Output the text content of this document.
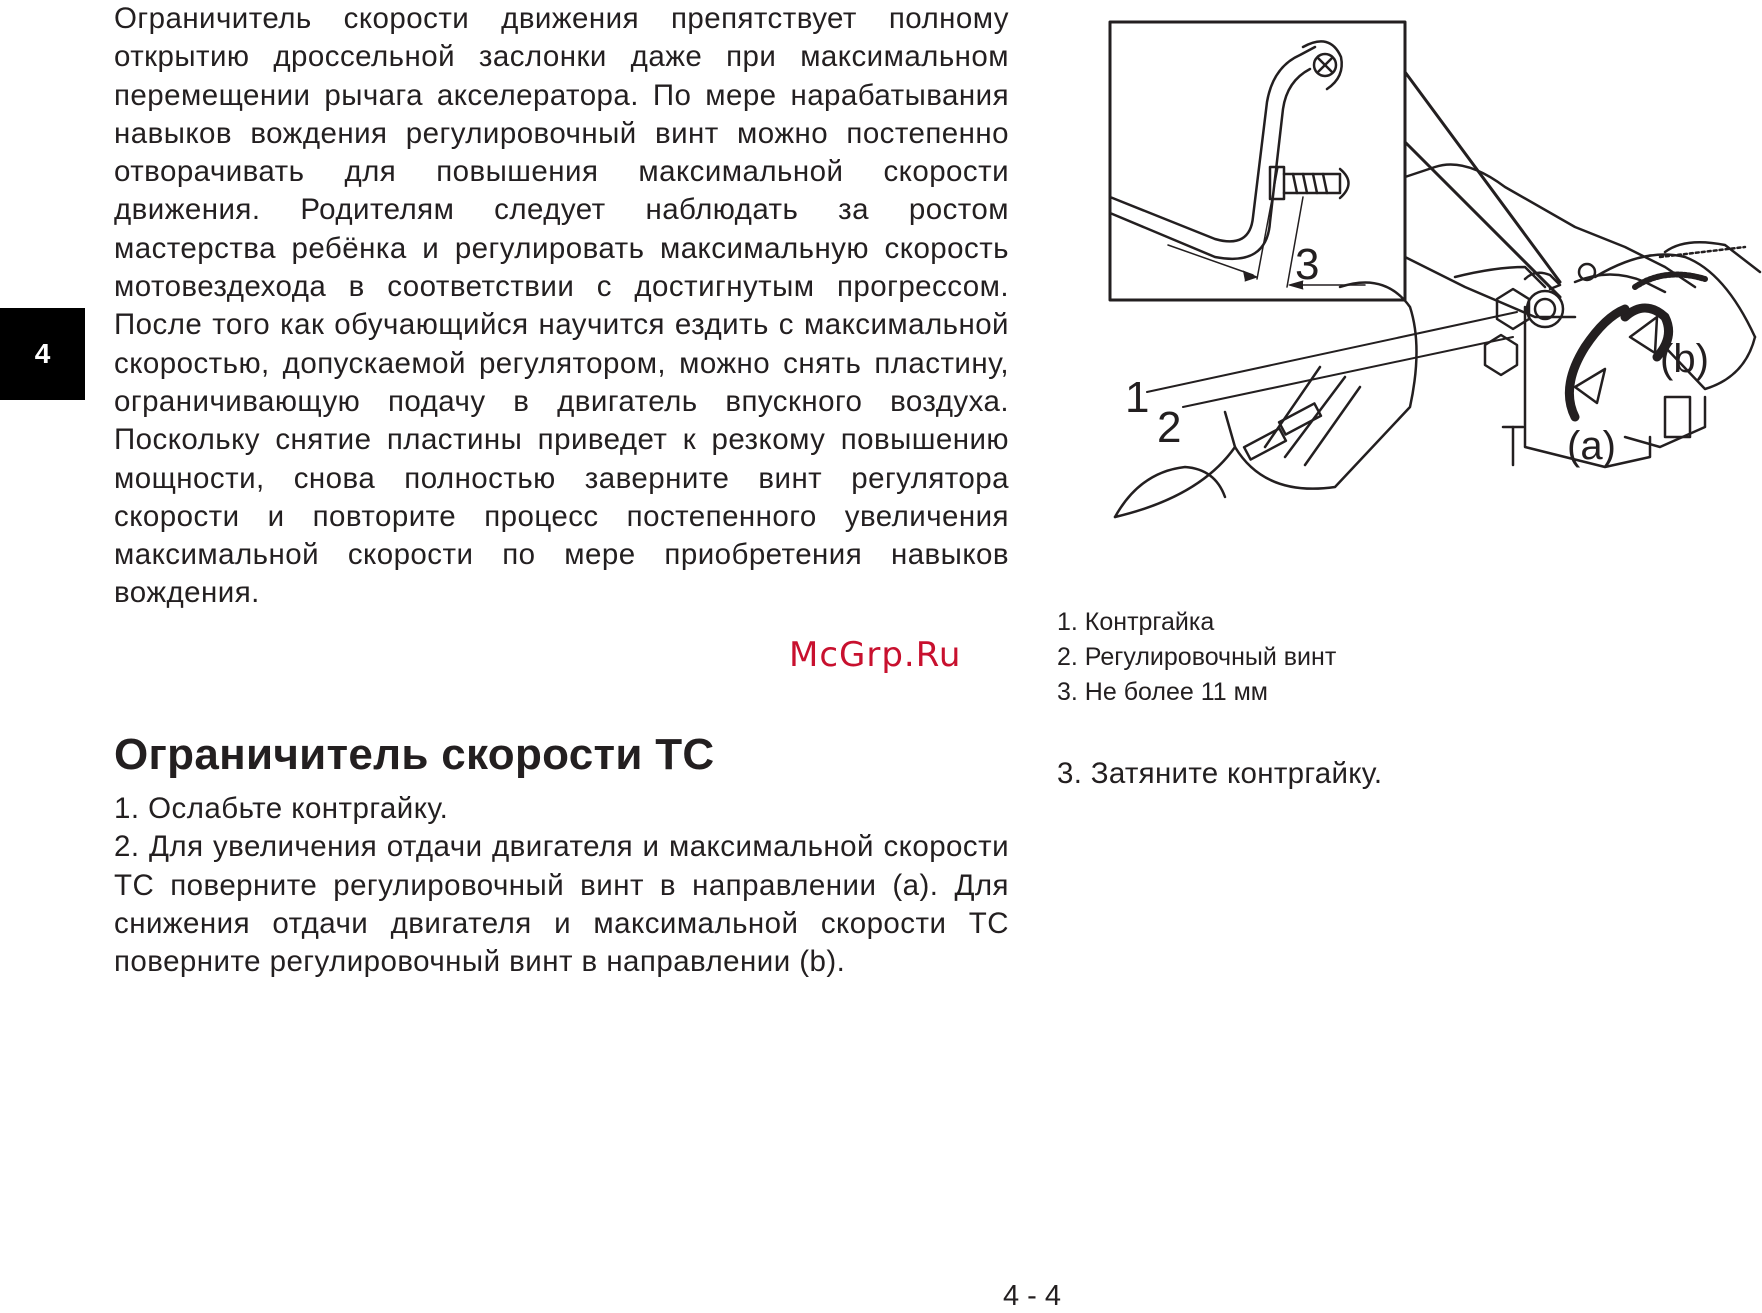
4

Ограничитель скорости движения препятствует полному открытию дроссельной заслонки даже при максимальном перемещении рычага акселератора. По мере нарабатывания навыков вождения регулировочный винт можно постепенно отворачивать для повышения максимальной скорости движения. Родителям следует наблюдать за ростом мастерства ребёнка и регулировать максимальную скорость мотовездехода в соответствии с достигнутым прогрессом. После того как обучающийся научится ездить с максимальной скоростью, допускаемой регулятором, можно снять пластину, ограничивающую подачу в двигатель впускного воздуха. Поскольку снятие пластины приведет к резкому повышению мощности, снова полностью заверните винт регулятора скорости и повторите процесс постепенного увеличения максимальной скорости по мере приобретения навыков вождения.

McGrp.Ru
Ограничитель скорости ТС

1. Ослабьте контргайку.

2. Для увеличения отдачи двигателя и максимальной скорости ТС поверните регулировочный винт в направлении (a). Для снижения отдачи двигателя и максимальной скорости ТС поверните регулировочный винт в направлении (b).

3
1
2	(a)
(b)
1. Контргайка
2. Регулировочный винт
3. Не более 11 мм
3. Затяните контргайку.
4 - 4
